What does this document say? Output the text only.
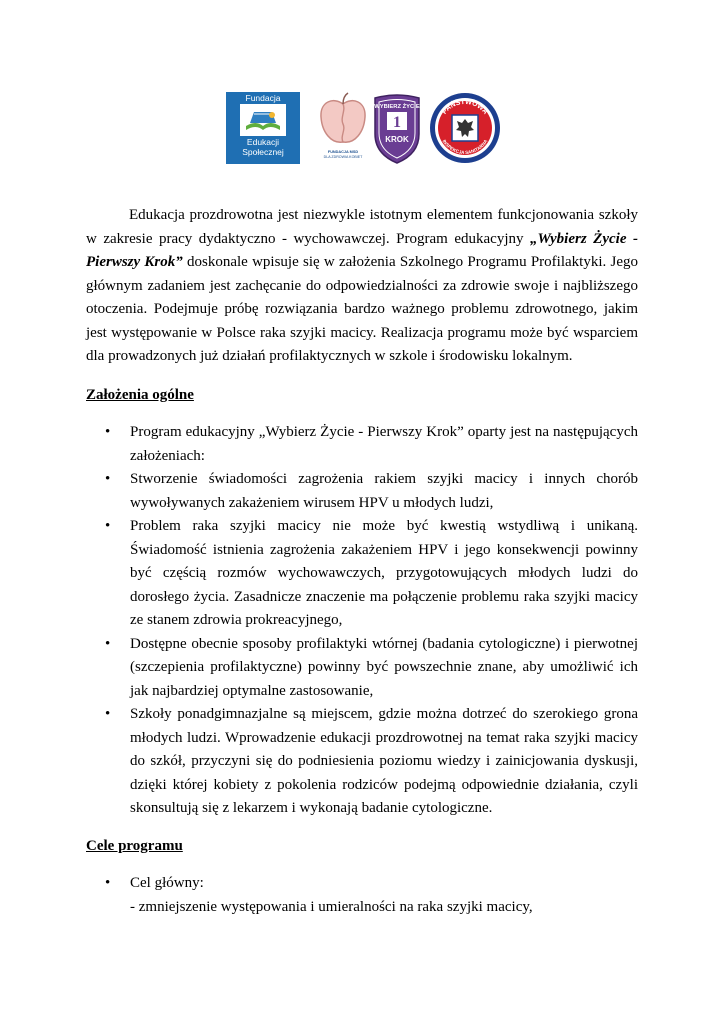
Fundacja
Edukacji
Społecznej	FUNDACJA MSD
DLA ZDROWIA KOBIET
WYBIERZ ŻYCIE
1
KROK
PAŃSTWOWA
INSPEKCJA SANITARNA

Edukacja prozdrowotna jest niezwykle istotnym elementem funkcjonowania szkoły w zakresie pracy dydaktyczno - wychowawczej. Program edukacyjny „Wybierz Życie - Pierwszy Krok” doskonale wpisuje się w założenia Szkolnego Programu Profilaktyki. Jego głównym zadaniem jest zachęcanie do odpowiedzialności za zdrowie swoje i najbliższego otoczenia. Podejmuje próbę rozwiązania bardzo ważnego problemu zdrowotnego, jakim jest występowanie w Polsce raka szyjki macicy. Realizacja programu może być wsparciem dla prowadzonych już działań profilaktycznych w szkole i środowisku lokalnym.

Założenia ogólne

• Program edukacyjny „Wybierz Życie - Pierwszy Krok” oparty jest na następujących założeniach:
• Stworzenie świadomości zagrożenia rakiem szyjki macicy i innych chorób wywoływanych zakażeniem wirusem HPV u młodych ludzi,
• Problem raka szyjki macicy nie może być kwestią wstydliwą i unikaną. Świadomość istnienia zagrożenia zakażeniem HPV i jego konsekwencji powinny być częścią rozmów wychowawczych, przygotowujących młodych ludzi do dorosłego życia. Zasadnicze znaczenie ma połączenie problemu raka szyjki macicy ze stanem zdrowia prokreacyjnego,
• Dostępne obecnie sposoby profilaktyki wtórnej (badania cytologiczne) i pierwotnej (szczepienia profilaktyczne) powinny być powszechnie znane, aby umożliwić ich jak najbardziej optymalne zastosowanie,
• Szkoły ponadgimnazjalne są miejscem, gdzie można dotrzeć do szerokiego grona młodych ludzi. Wprowadzenie edukacji prozdrowotnej na temat raka szyjki macicy do szkół, przyczyni się do podniesienia poziomu wiedzy i zainicjowania dyskusji, dzięki której kobiety z pokolenia rodziców podejmą odpowiednie działania, czyli skonsultują się z lekarzem i wykonają badanie cytologiczne.

Cele programu

• Cel główny:
- zmniejszenie występowania i umieralności na raka szyjki macicy,
